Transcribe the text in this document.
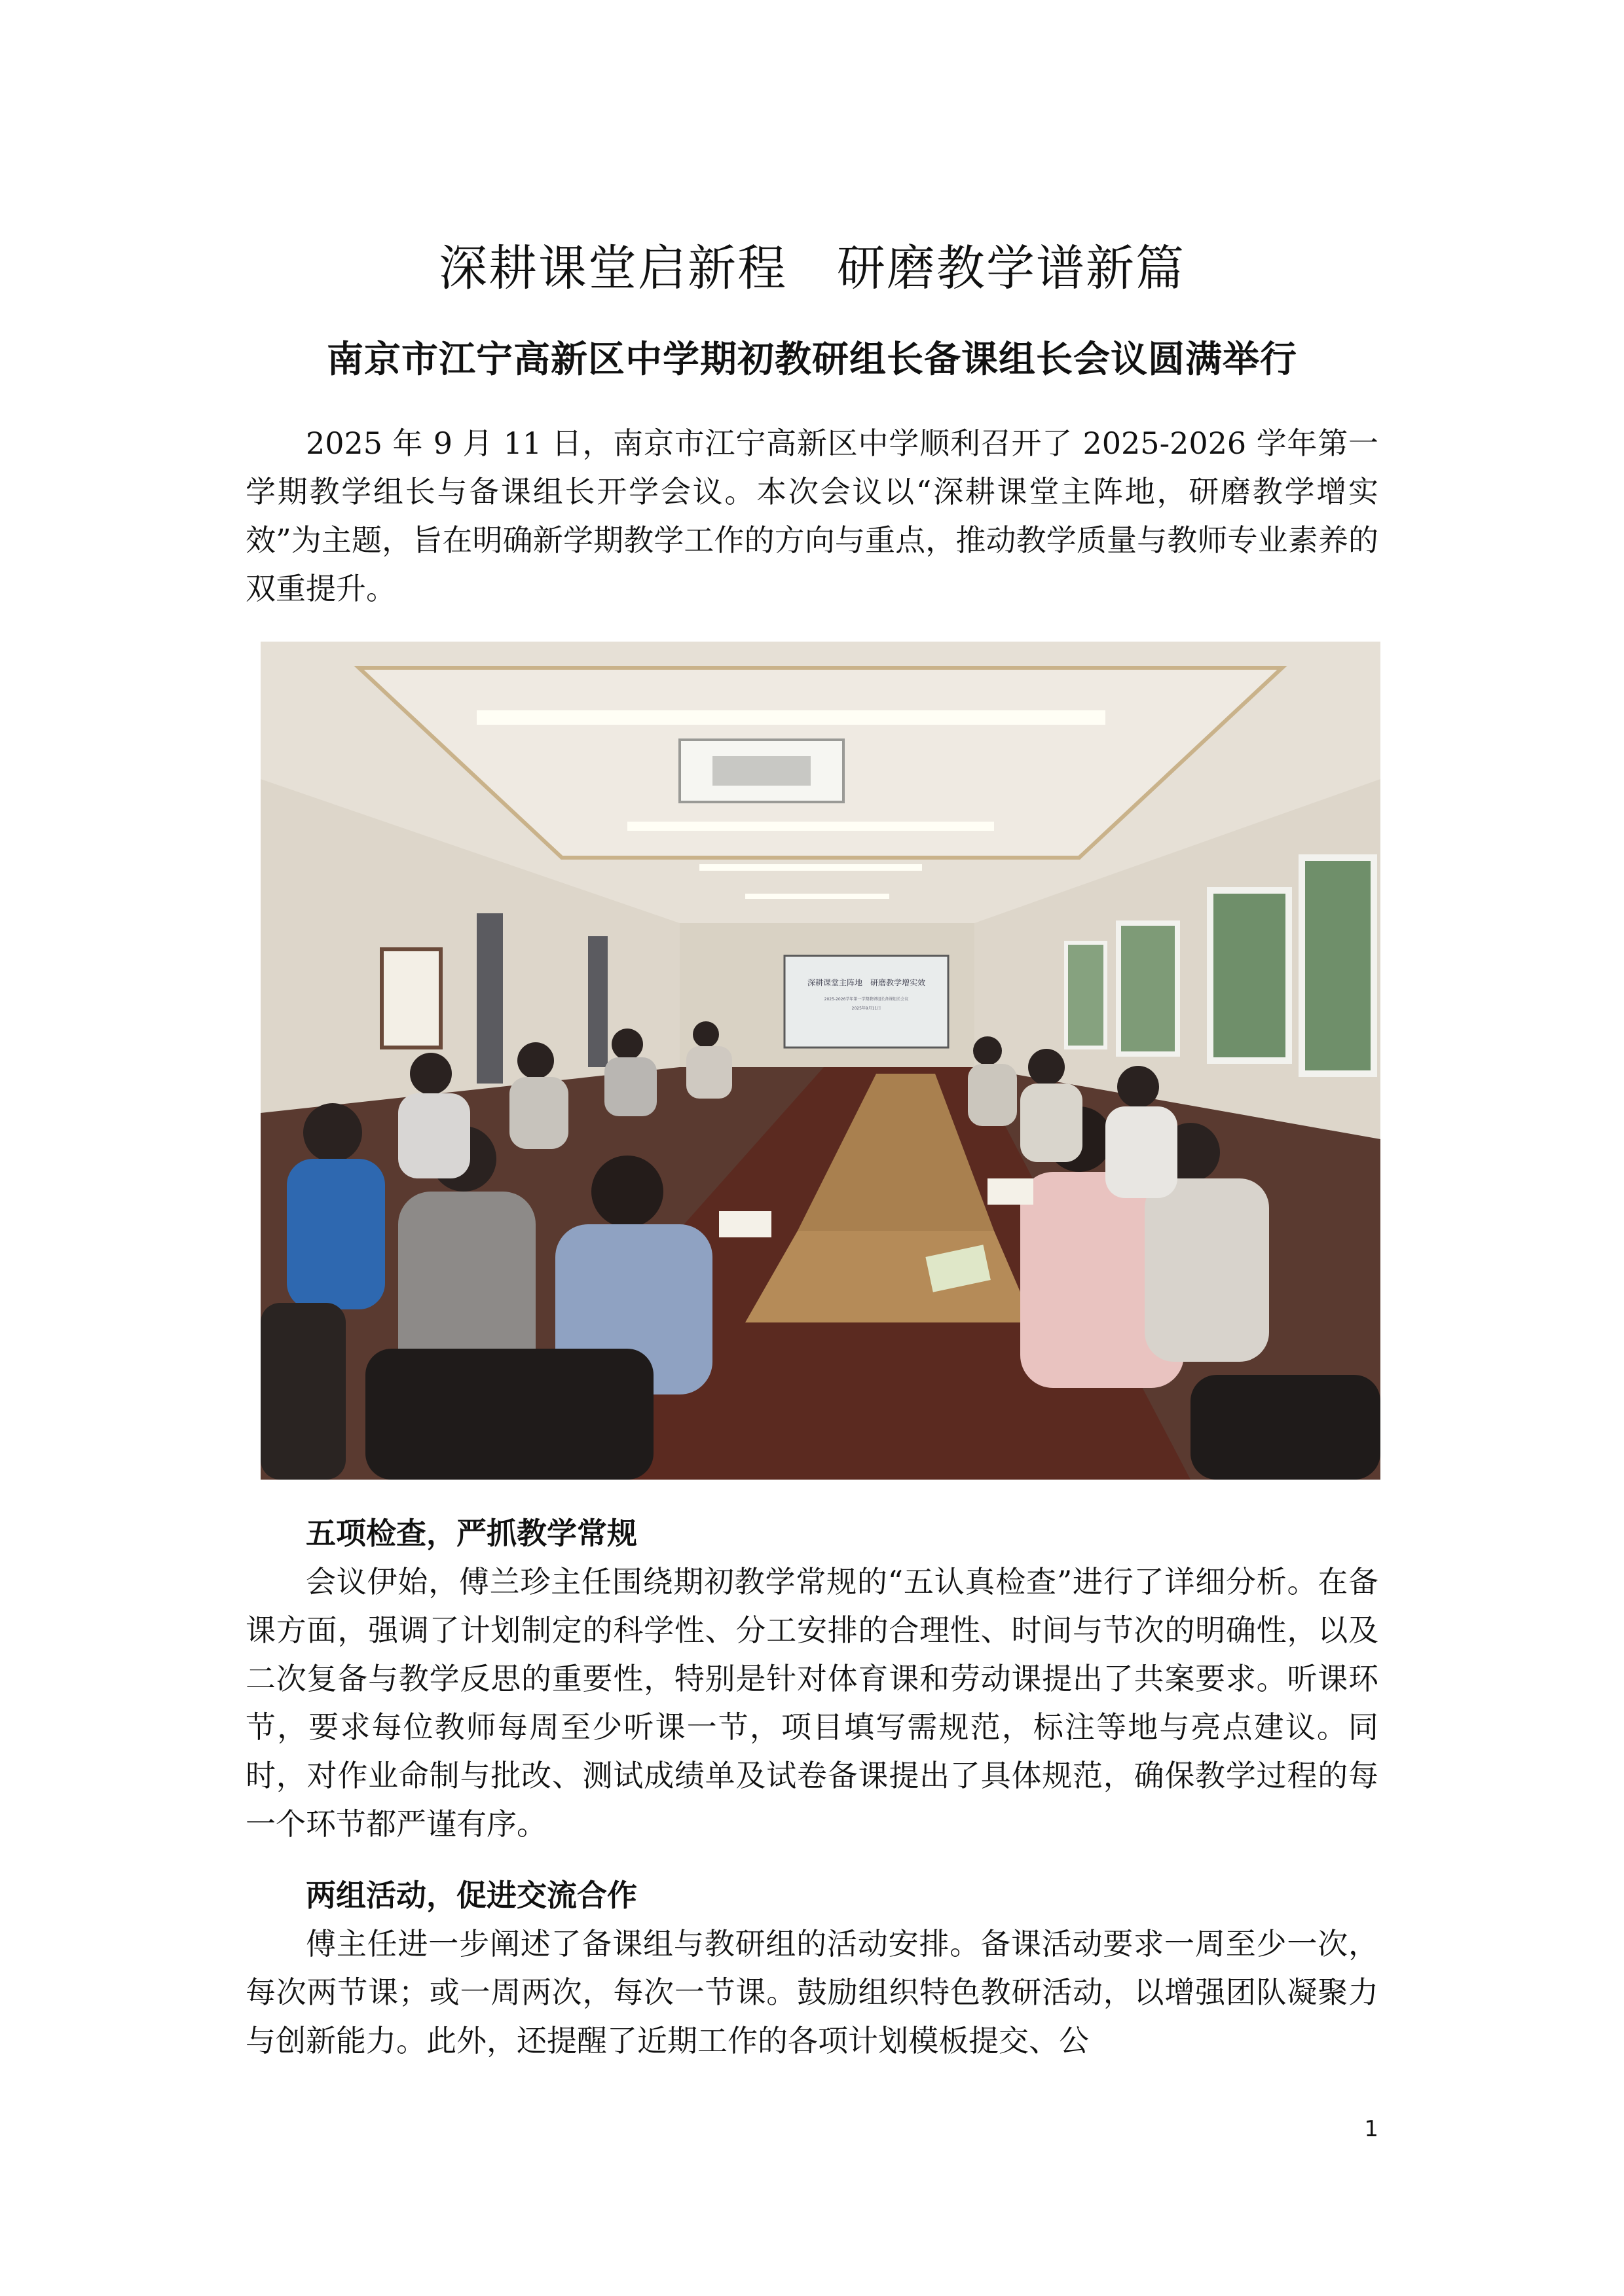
深耕课堂启新程　研磨教学谱新篇
南京市江宁高新区中学期初教研组长备课组长会议圆满举行
2025 年 9 月 11 日，南京市江宁高新区中学顺利召开了 2025-2026 学年第一学期教学组长与备课组长开学会议。本次会议以“深耕课堂主阵地，研磨教学增实效”为主题，旨在明确新学期教学工作的方向与重点，推动教学质量与教师专业素养的双重提升。
深耕课堂主阵地　研磨教学增实效
2025-2026学年第一学期教研组长备课组长会议
2025年9月11日
五项检查，严抓教学常规
会议伊始，傅兰珍主任围绕期初教学常规的“五认真检查”进行了详细分析。在备课方面，强调了计划制定的科学性、分工安排的合理性、时间与节次的明确性，以及二次复备与教学反思的重要性，特别是针对体育课和劳动课提出了共案要求。听课环节，要求每位教师每周至少听课一节，项目填写需规范，标注等地与亮点建议。同时，对作业命制与批改、测试成绩单及试卷备课提出了具体规范，确保教学过程的每一个环节都严谨有序。
两组活动，促进交流合作
傅主任进一步阐述了备课组与教研组的活动安排。备课活动要求一周至少一次，每次两节课；或一周两次，每次一节课。鼓励组织特色教研活动，以增强团队凝聚力与创新能力。此外，还提醒了近期工作的各项计划模板提交、公
1
